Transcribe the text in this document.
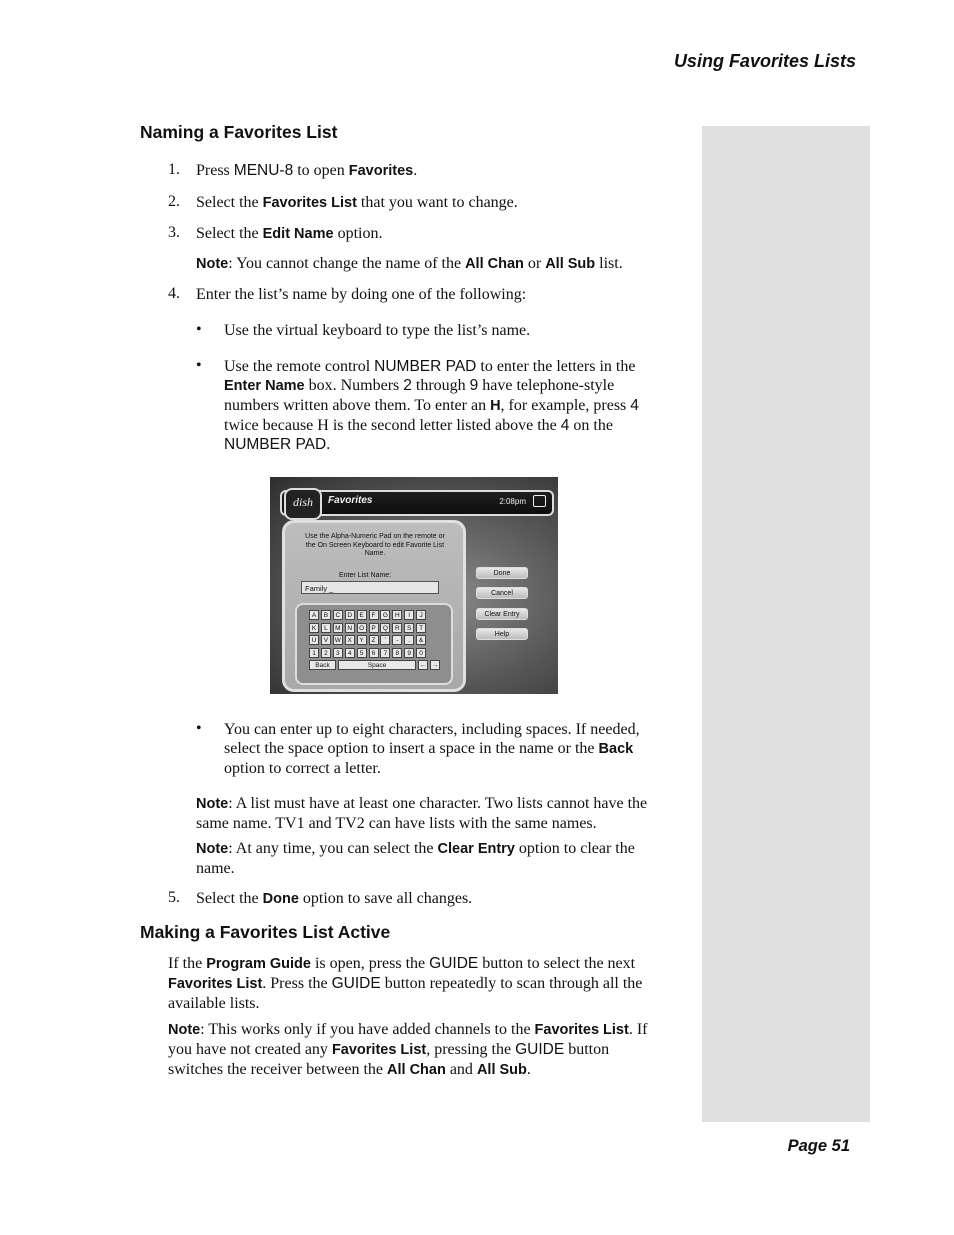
Using Favorites Lists
Naming a Favorites List
1. Press MENU-8 to open Favorites.
2. Select the Favorites List that you want to change.
3. Select the Edit Name option.
Note: You cannot change the name of the All Chan or All Sub list.
4. Enter the list’s name by doing one of the following:
• Use the virtual keyboard to type the list’s name.
• Use the remote control NUMBER PAD to enter the letters in the
Enter Name box. Numbers 2 through 9 have telephone-style
numbers written above them. To enter an H, for example, press 4
twice because H is the second letter listed above the 4 on the
NUMBER PAD.
dish	Favorites	2:08pm
Use the Alpha-Numeric Pad on the remote or the On Screen Keyboard to edit Favorite List Name.
Enter List Name:
Family _
A	B	C	D	E	F	G	H	I	J
K	L	M	N	O	P	Q	R	S	T
U	V	W	X	Y	Z	'	-	.	&
1	2	3	4	5	6	7	8	9	0
Back	Space	← →
Done
Cancel
Clear Entry
Help
• You can enter up to eight characters, including spaces. If needed,
select the space option to insert a space in the name or the Back
option to correct a letter.
Note: A list must have at least one character. Two lists cannot have the
same name. TV1 and TV2 can have lists with the same names.
Note: At any time, you can select the Clear Entry option to clear the
name.
5. Select the Done option to save all changes.
Making a Favorites List Active
If the Program Guide is open, press the GUIDE button to select the next
Favorites List. Press the GUIDE button repeatedly to scan through all the
available lists.
Note: This works only if you have added channels to the Favorites List. If
you have not created any Favorites List, pressing the GUIDE button
switches the receiver between the All Chan and All Sub.
Page 51
